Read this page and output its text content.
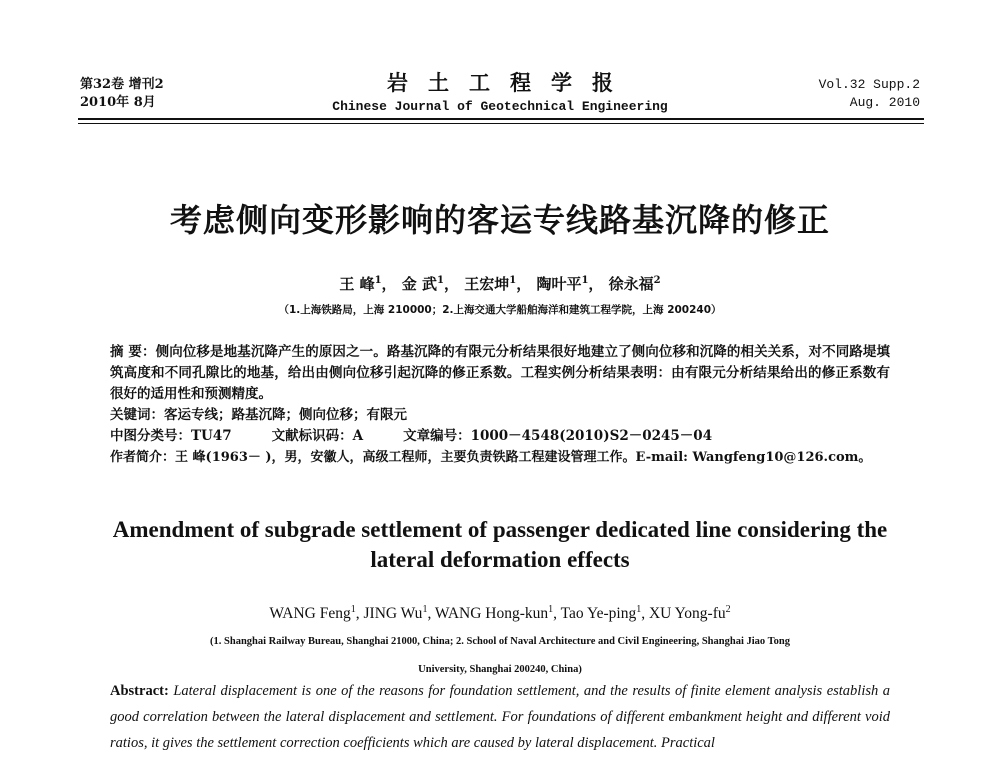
第32卷 增刊2
2010年 8月
岩土工程学报
Chinese Journal of Geotechnical Engineering
Vol.32 Supp.2
Aug. 2010
考虑侧向变形影响的客运专线路基沉降的修正
王 峰$^1$， 金 武$^1$， 王宏坤$^1$， 陶叶平$^1$， 徐永福$^2$
（1.上海铁路局，上海 210000；2.上海交通大学船舶海洋和建筑工程学院，上海 200240）
摘 要：侧向位移是地基沉降产生的原因之一。路基沉降的有限元分析结果很好地建立了侧向位移和沉降的相关关系，对不同路堤填筑高度和不同孔隙比的地基，给出由侧向位移引起沉降的修正系数。工程实例分析结果表明：由有限元分析结果给出的修正系数有很好的适用性和预测精度。
关键词：客运专线；路基沉降；侧向位移；有限元
中图分类号：TU47	文献标识码：A	文章编号：1000－4548(2010)S2－0245－04
作者简介：王 峰(1963－ )，男，安徽人，高级工程师，主要负责铁路工程建设管理工作。E-mail: Wangfeng10@126.com。
Amendment of subgrade settlement of passenger dedicated line considering the lateral deformation effects
WANG Feng$^1$, JING Wu$^1$, WANG Hong-kun$^1$, Tao Ye-ping$^1$, XU Yong-$fu^2$
(1. Shanghai Railway Bureau, Shanghai 21000, China; 2. School of Naval Architecture and Civil Engineering, Shanghai Jiao Tong
University, Shanghai 200240, China)
Abstract: Lateral displacement is one of the reasons for foundation settlement, and the results of finite element analysis establish a good correlation between the lateral displacement and settlement. For foundations of different embankment height and different void ratios, it gives the settlement correction coefficients which are caused by lateral displacement. Practical
